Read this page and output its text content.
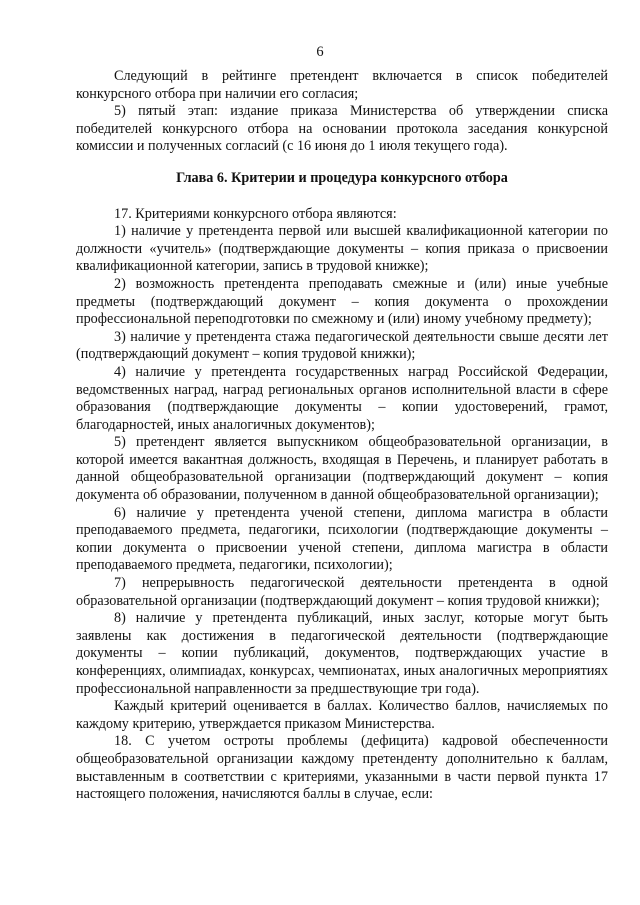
6

Следующий в рейтинге претендент включается в список победителей конкурсного отбора при наличии его согласия;

5) пятый этап: издание приказа Министерства об утверждении списка победителей конкурсного отбора на основании протокола заседания конкурсной комиссии и полученных согласий (с 16 июня до 1 июля текущего года).

Глава 6. Критерии и процедура конкурсного отбора

17. Критериями конкурсного отбора являются:

1) наличие у претендента первой или высшей квалификационной категории по должности «учитель» (подтверждающие документы – копия приказа о присвоении квалификационной категории, запись в трудовой книжке);

2) возможность претендента преподавать смежные и (или) иные учебные предметы (подтверждающий документ – копия документа о прохождении профессиональной переподготовки по смежному и (или) иному учебному предмету);

3) наличие у претендента стажа педагогической деятельности свыше десяти лет (подтверждающий документ – копия трудовой книжки);

4) наличие у претендента государственных наград Российской Федерации, ведомственных наград, наград региональных органов исполнительной власти в сфере образования (подтверждающие документы – копии удостоверений, грамот, благодарностей, иных аналогичных документов);

5) претендент является выпускником общеобразовательной организации, в которой имеется вакантная должность, входящая в Перечень, и планирует работать в данной общеобразовательной организации (подтверждающий документ – копия документа об образовании, полученном в данной общеобразовательной организации);

6) наличие у претендента ученой степени, диплома магистра в области преподаваемого предмета, педагогики, психологии (подтверждающие документы – копии документа о присвоении ученой степени, диплома магистра в области преподаваемого предмета, педагогики, психологии);

7) непрерывность педагогической деятельности претендента в одной образовательной организации (подтверждающий документ – копия трудовой книжки);

8) наличие у претендента публикаций, иных заслуг, которые могут быть заявлены как достижения в педагогической деятельности (подтверждающие документы – копии публикаций, документов, подтверждающих участие в конференциях, олимпиадах, конкурсах, чемпионатах, иных аналогичных мероприятиях профессиональной направленности за предшествующие три года).

Каждый критерий оценивается в баллах. Количество баллов, начисляемых по каждому критерию, утверждается приказом Министерства.

18. С учетом остроты проблемы (дефицита) кадровой обеспеченности общеобразовательной организации каждому претенденту дополнительно к баллам, выставленным в соответствии с критериями, указанными в части первой пункта 17 настоящего положения, начисляются баллы в случае, если:
